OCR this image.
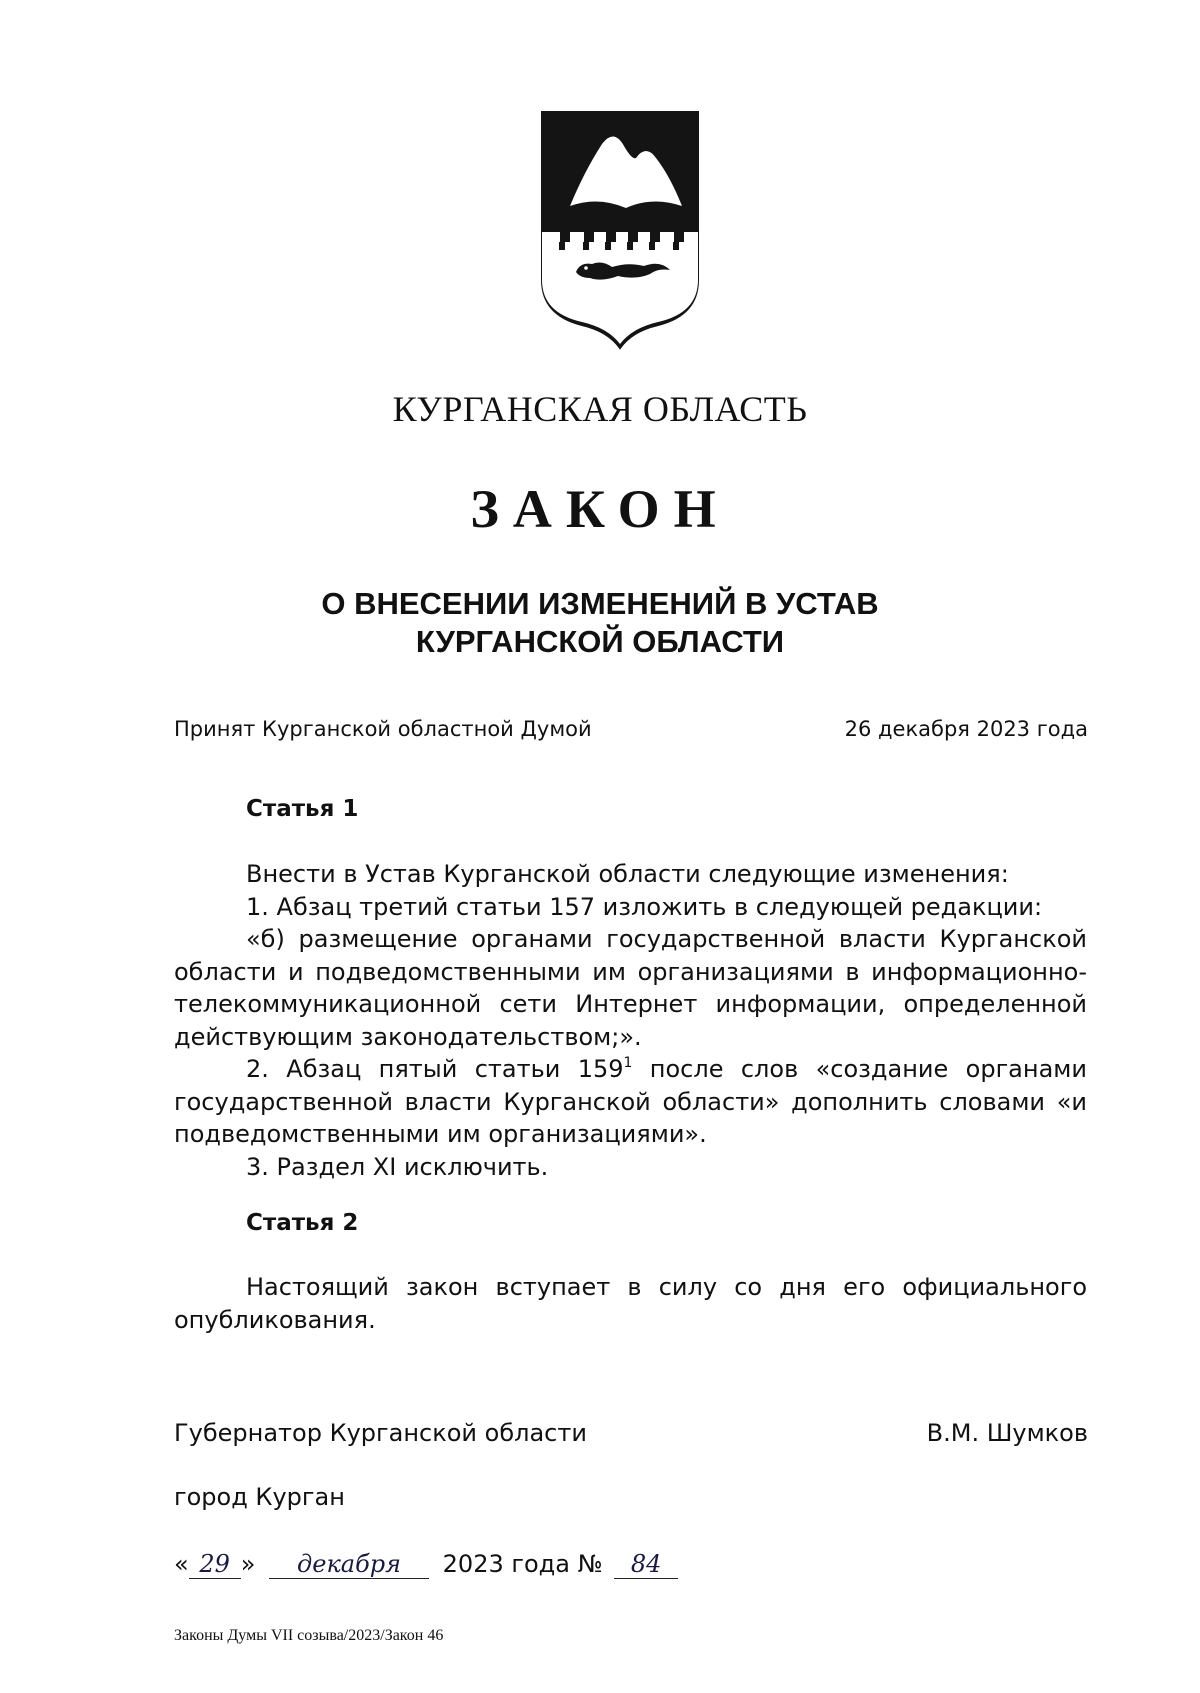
КУРГАНСКАЯ ОБЛАСТЬ
ЗАКОН
О ВНЕСЕНИИ ИЗМЕНЕНИЙ В УСТАВ
КУРГАНСКОЙ ОБЛАСТИ
Принят Курганской областной Думой	26 декабря 2023 года
Статья 1

Внести в Устав Курганской области следующие изменения:

1. Абзац третий статьи 157 изложить в следующей редакции:

«б) размещение органами государственной власти Курганской области и подведомственными им организациями в информационно-телекоммуникационной сети Интернет информации, определенной действующим законодательством;».

2. Абзац пятый статьи $159^1$ после слов «создание органами государственной власти Курганской области» дополнить словами «и подведомственными им организациями».

3. Раздел XI исключить.

Статья 2

Настоящий закон вступает в силу со дня его официального опубликования.

Губернатор Курганской области	В.М. Шумков
город Курган
« 29 » декабря 2023 года № 84
Законы Думы VII созыва/2023/Закон 46
